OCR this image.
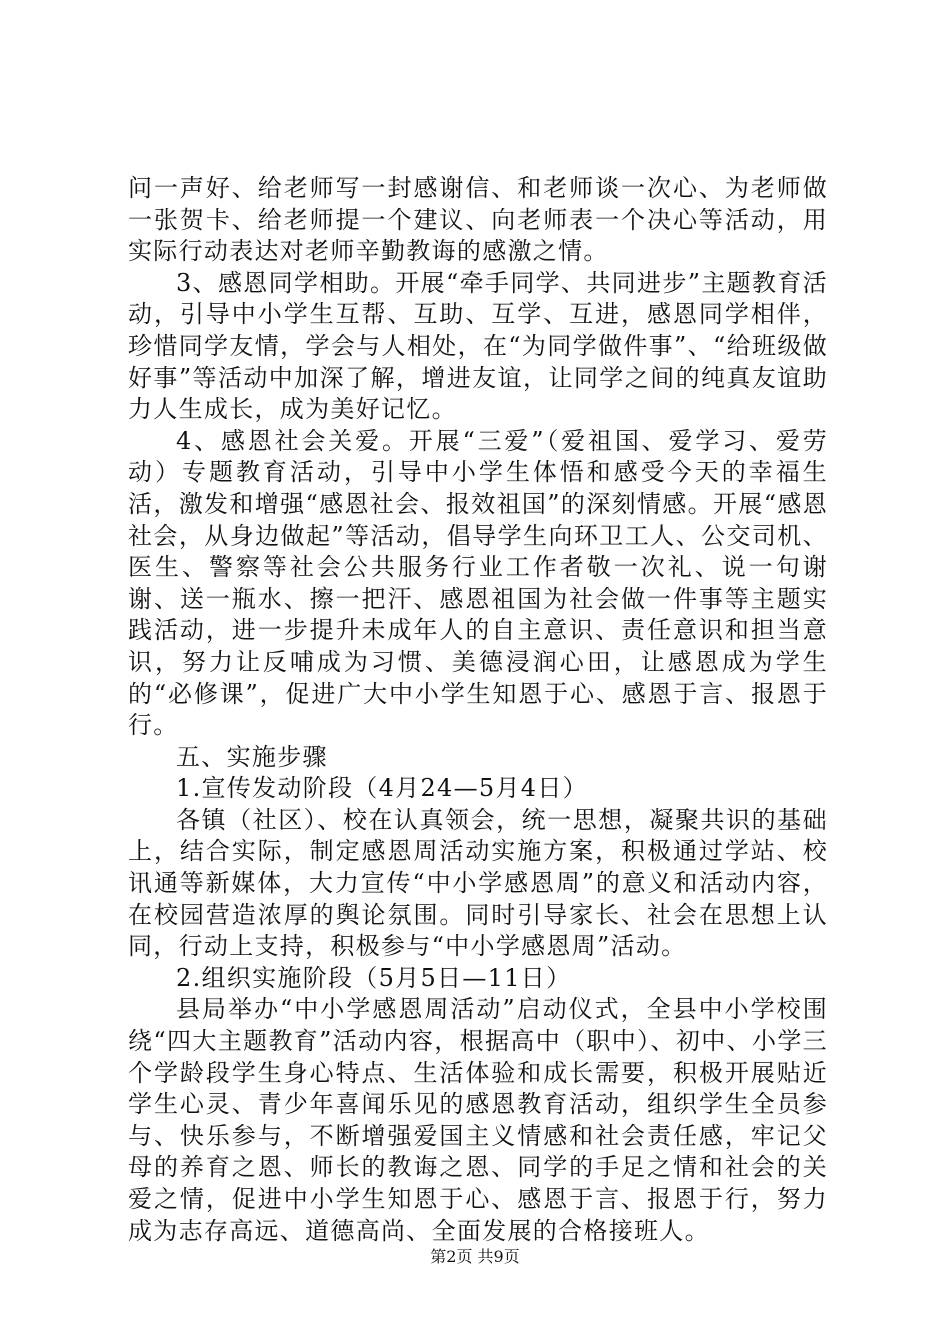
问一声好、给老师写一封感谢信、和老师谈一次心、为老师做一张贺卡、给老师提一个建议、向老师表一个决心等活动，用实际行动表达对老师辛勤教诲的感激之情。

3、感恩同学相助。开展“牵手同学、共同进步”主题教育活动，引导中小学生互帮、互助、互学、互进，感恩同学相伴，珍惜同学友情，学会与人相处，在“为同学做件事”、“给班级做好事”等活动中加深了解，增进友谊，让同学之间的纯真友谊助力人生成长，成为美好记忆。

4、感恩社会关爱。开展“三爱”（爱祖国、爱学习、爱劳动）专题教育活动，引导中小学生体悟和感受今天的幸福生活，激发和增强“感恩社会、报效祖国”的深刻情感。开展“感恩社会，从身边做起”等活动，倡导学生向环卫工人、公交司机、医生、警察等社会公共服务行业工作者敬一次礼、说一句谢谢、送一瓶水、擦一把汗、感恩祖国为社会做一件事等主题实践活动，进一步提升未成年人的自主意识、责任意识和担当意识，努力让反哺成为习惯、美德浸润心田，让感恩成为学生的“必修课”，促进广大中小学生知恩于心、感恩于言、报恩于行。

五、实施步骤

1.宣传发动阶段（4月24—5月4日）

各镇（社区）、校在认真领会，统一思想，凝聚共识的基础上，结合实际，制定感恩周活动实施方案，积极通过学站、校讯通等新媒体，大力宣传“中小学感恩周”的意义和活动内容，在校园营造浓厚的舆论氛围。同时引导家长、社会在思想上认同，行动上支持，积极参与“中小学感恩周”活动。

2.组织实施阶段（5月5日—11日）

县局举办“中小学感恩周活动”启动仪式，全县中小学校围绕“四大主题教育”活动内容，根据高中（职中）、初中、小学三个学龄段学生身心特点、生活体验和成长需要，积极开展贴近学生心灵、青少年喜闻乐见的感恩教育活动，组织学生全员参与、快乐参与，不断增强爱国主义情感和社会责任感，牢记父母的养育之恩、师长的教诲之恩、同学的手足之情和社会的关爱之情，促进中小学生知恩于心、感恩于言、报恩于行，努力成为志存高远、道德高尚、全面发展的合格接班人。

第2页 共9页
